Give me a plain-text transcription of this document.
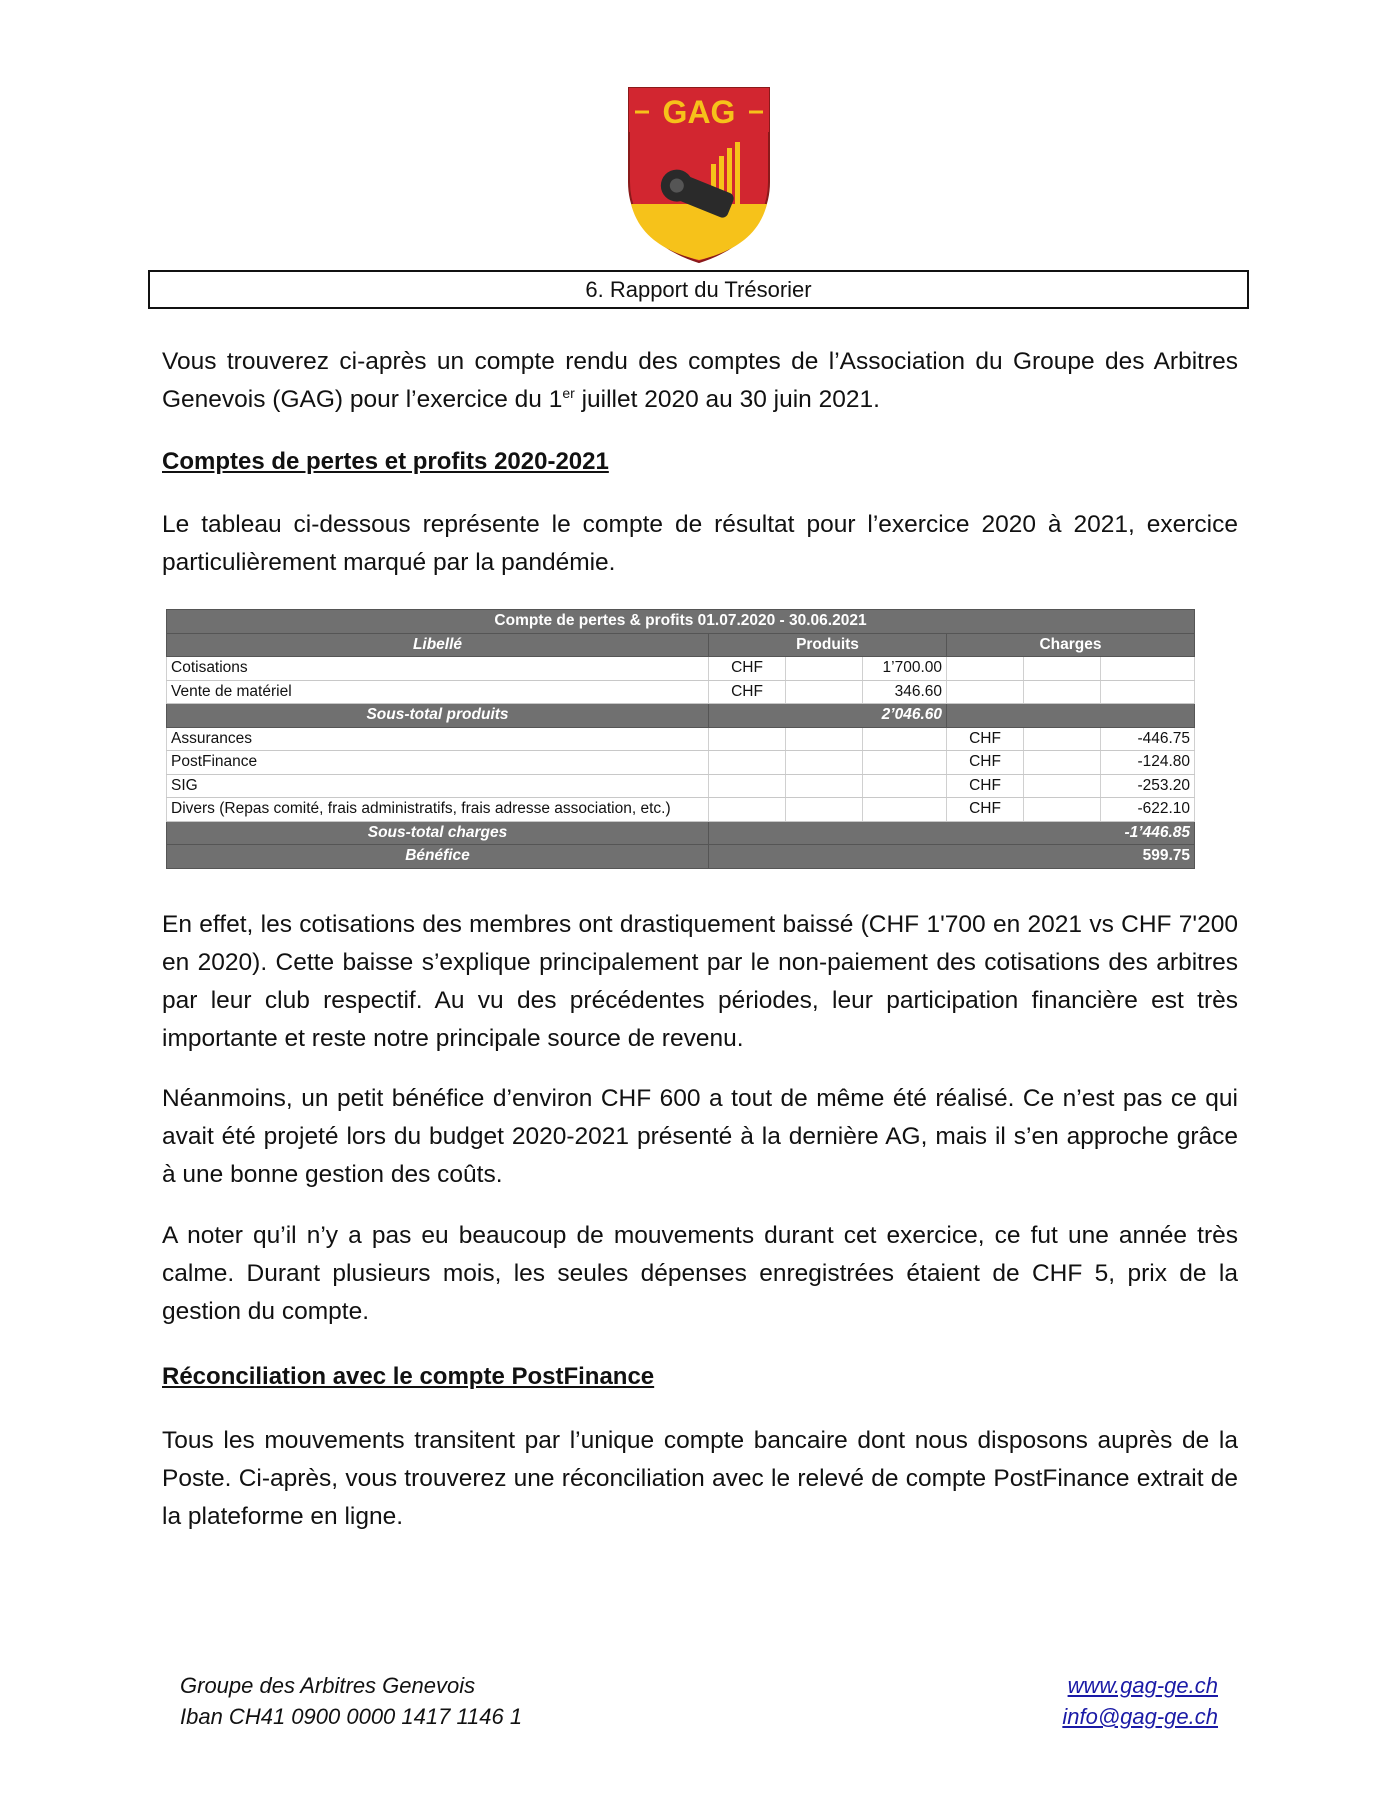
GAG
6. Rapport du Trésorier

Vous trouverez ci-après un compte rendu des comptes de l’Association du Groupe des Arbitres Genevois (GAG) pour l’exercice du 1er juillet 2020 au 30 juin 2021.

Comptes de pertes et profits 2020-2021

Le tableau ci-dessous représente le compte de résultat pour l’exercice 2020 à 2021, exercice particulièrement marqué par la pandémie.

Compte de pertes & profits 01.07.2020 - 30.06.2021						
Libellé	Produits			Charges		
Cotisations	CHF		1’700.00			
Vente de matériel	CHF		346.60			
Sous-total produits	2’046.60					
Assurances				CHF		-446.75
PostFinance				CHF		-124.80
SIG				CHF		-253.20
Divers (Repas comité, frais administratifs, frais adresse association, etc.)				CHF		-622.10
Sous-total charges	-1’446.85					
Bénéfice	599.75					

En effet, les cotisations des membres ont drastiquement baissé (CHF 1'700 en 2021 vs CHF 7'200 en 2020). Cette baisse s’explique principalement par le non-paiement des cotisations des arbitres par leur club respectif. Au vu des précédentes périodes, leur participation financière est très importante et reste notre principale source de revenu.

Néanmoins, un petit bénéfice d’environ CHF 600 a tout de même été réalisé. Ce n’est pas ce qui avait été projeté lors du budget 2020-2021 présenté à la dernière AG, mais il s’en approche grâce à une bonne gestion des coûts.

A noter qu’il n’y a pas eu beaucoup de mouvements durant cet exercice, ce fut une année très calme. Durant plusieurs mois, les seules dépenses enregistrées étaient de CHF 5, prix de la gestion du compte.

Réconciliation avec le compte PostFinance

Tous les mouvements transitent par l’unique compte bancaire dont nous disposons auprès de la Poste. Ci-après, vous trouverez une réconciliation avec le relevé de compte PostFinance extrait de la plateforme en ligne.

Groupe des Arbitres Genevois
Iban CH41 0900 0000 1417 1146 1
www.gag-ge.ch
info@gag-ge.ch
